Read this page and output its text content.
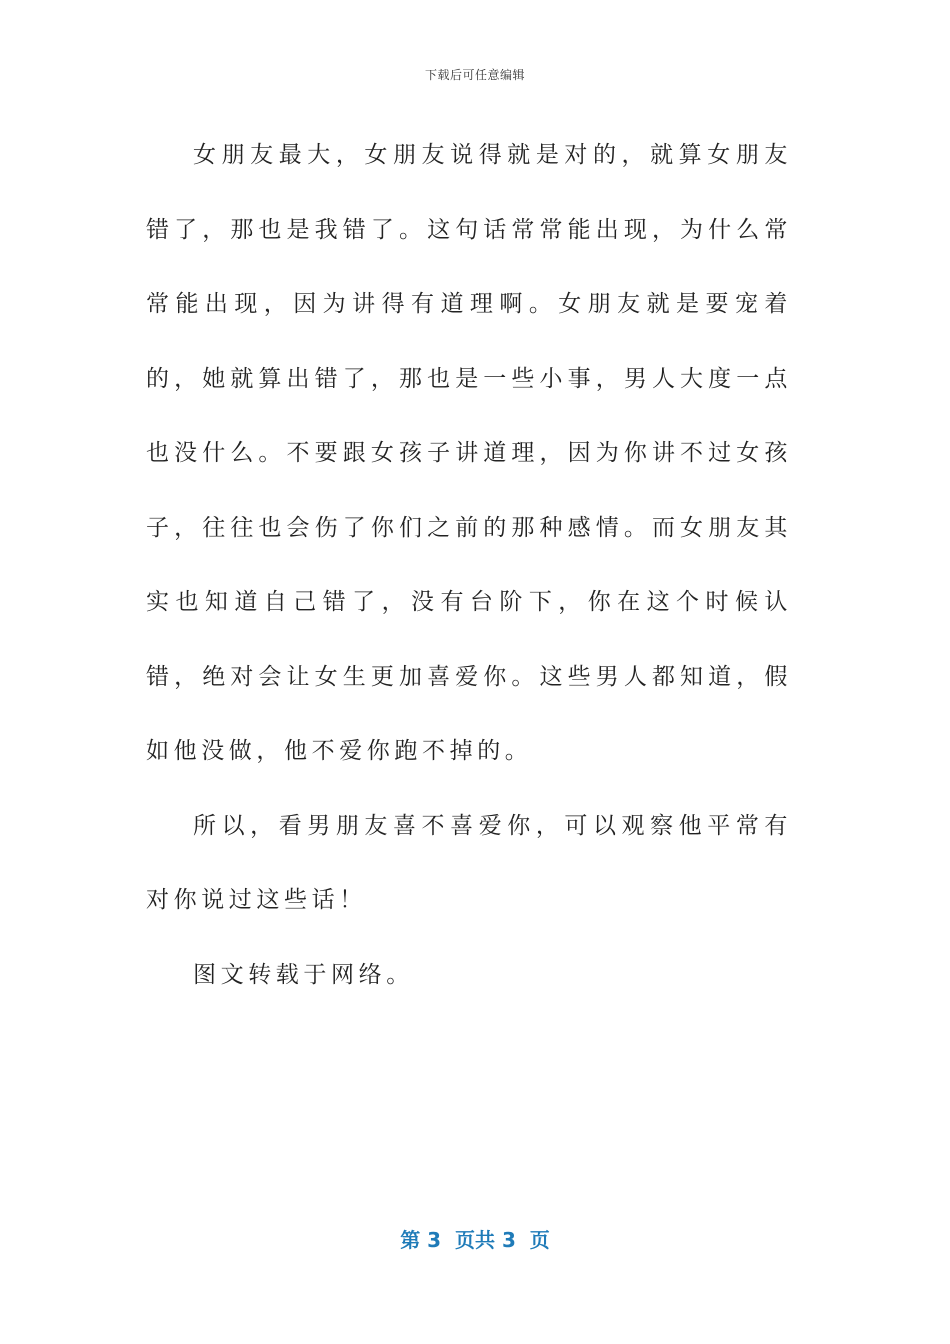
下载后可任意编辑

女朋友最大，女朋友说得就是对的，就算女朋友错了，那也是我错了。这句话常常能出现，为什么常常能出现，因为讲得有道理啊。女朋友就是要宠着的，她就算出错了，那也是一些小事，男人大度一点也没什么。不要跟女孩子讲道理，因为你讲不过女孩子，往往也会伤了你们之前的那种感情。而女朋友其实也知道自己错了，没有台阶下，你在这个时候认错，绝对会让女生更加喜爱你。这些男人都知道，假如他没做，他不爱你跑不掉的。

所以，看男朋友喜不喜爱你，可以观察他平常有对你说过这些话！

图文转载于网络。

第 3  页共 3  页
